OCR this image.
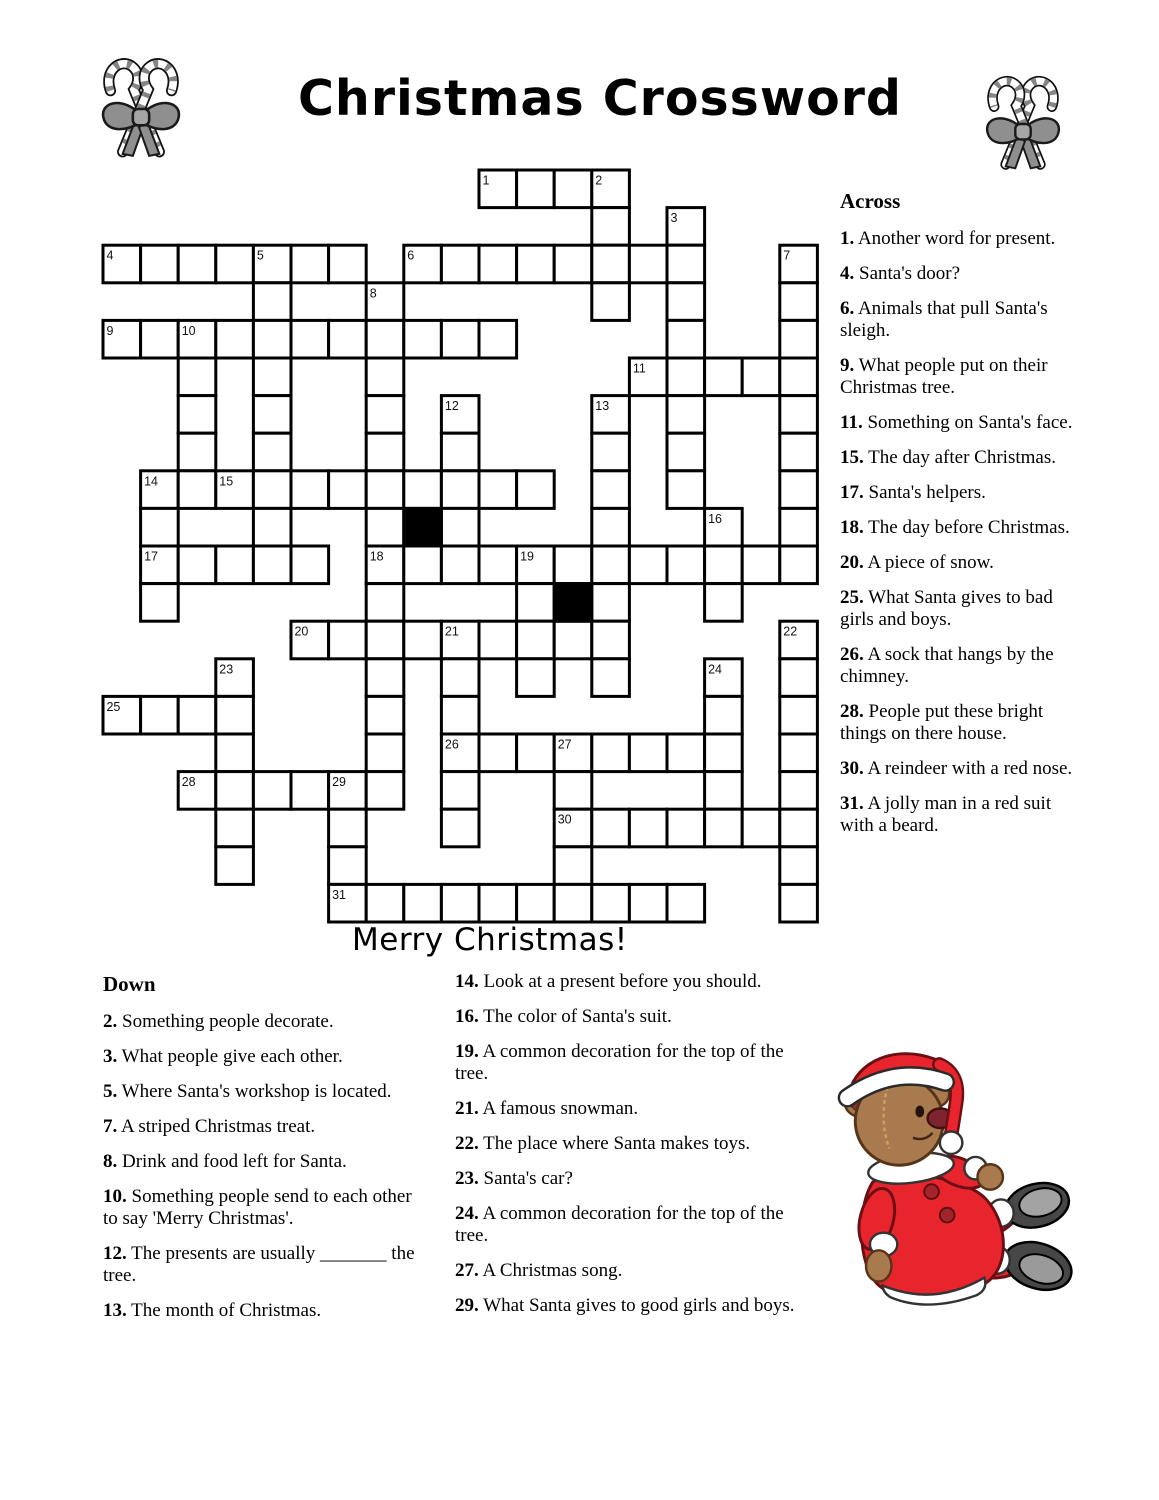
Christmas Crossword
1	2
3
4	5	6	7
8
9	10
11
12	13
14	15
16
17	18	19
20	21	22
23	24
25
26	27
28	29
30
31
Merry Christmas!
Across

1. Another word for present.

4. Santa's door?

6. Animals that pull Santa's sleigh.

9. What people put on their Christmas tree.

11. Something on Santa's face.

15. The day after Christmas.

17. Santa's helpers.

18. The day before Christmas.

20. A piece of snow.

25. What Santa gives to bad girls and boys.

26. A sock that hangs by the chimney.

28. People put these bright things on there house.

30. A reindeer with a red nose.

31. A jolly man in a red suit with a beard.

Down

2. Something people decorate.

3. What people give each other.

5. Where Santa's workshop is located.

7. A striped Christmas treat.

8. Drink and food left for Santa.

10. Something people send to each other to say 'Merry Christmas'.

12. The presents are usually _______ the tree.

13. The month of Christmas.

14. Look at a present before you should.

16. The color of Santa's suit.

19. A common decoration for the top of the tree.

21. A famous snowman.

22. The place where Santa makes toys.

23. Santa's car?

24. A common decoration for the top of the tree.

27. A Christmas song.

29. What Santa gives to good girls and boys.
